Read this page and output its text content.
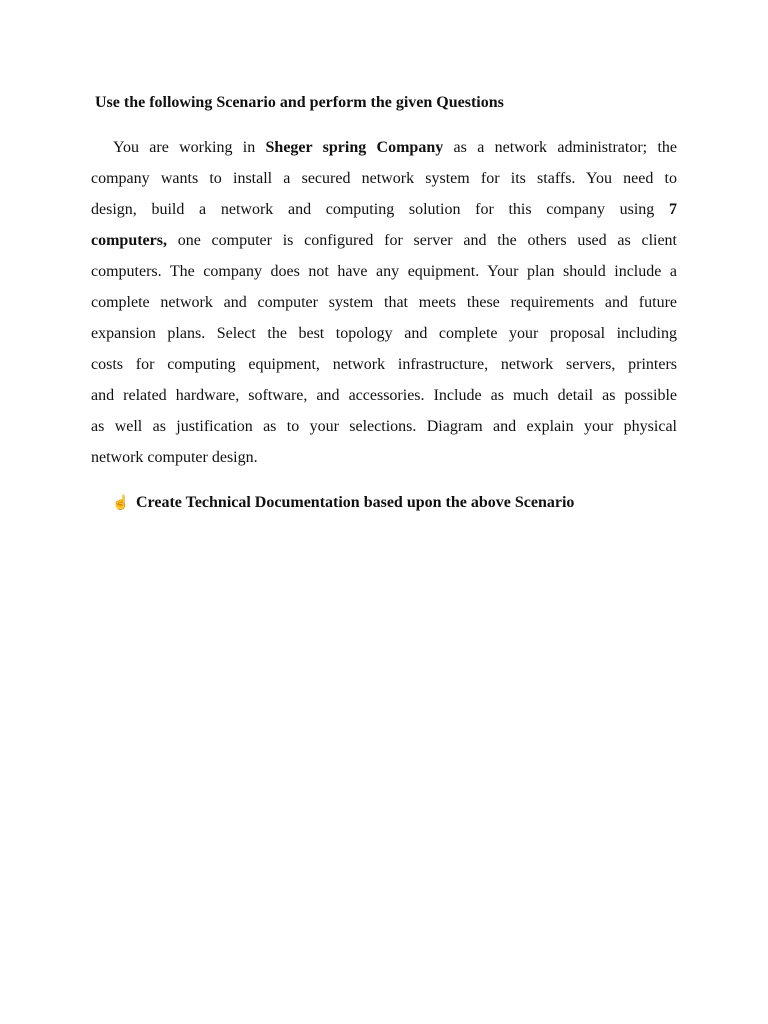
Use the following Scenario and perform the given Questions
You are working in Sheger spring Company as a network administrator; the
company wants to install a secured network system for its staffs. You need to
design, build a network and computing solution for this company using 7
computers, one computer is configured for server and the others used as client
computers. The company does not have any equipment. Your plan should include a
complete network and computer system that meets these requirements and future
expansion plans. Select the best topology and complete your proposal including
costs for computing equipment, network infrastructure, network servers, printers
and related hardware, software, and accessories. Include as much detail as possible
as well as justification as to your selections. Diagram and explain your physical
network computer design.
☝ Create Technical Documentation based upon the above Scenario
